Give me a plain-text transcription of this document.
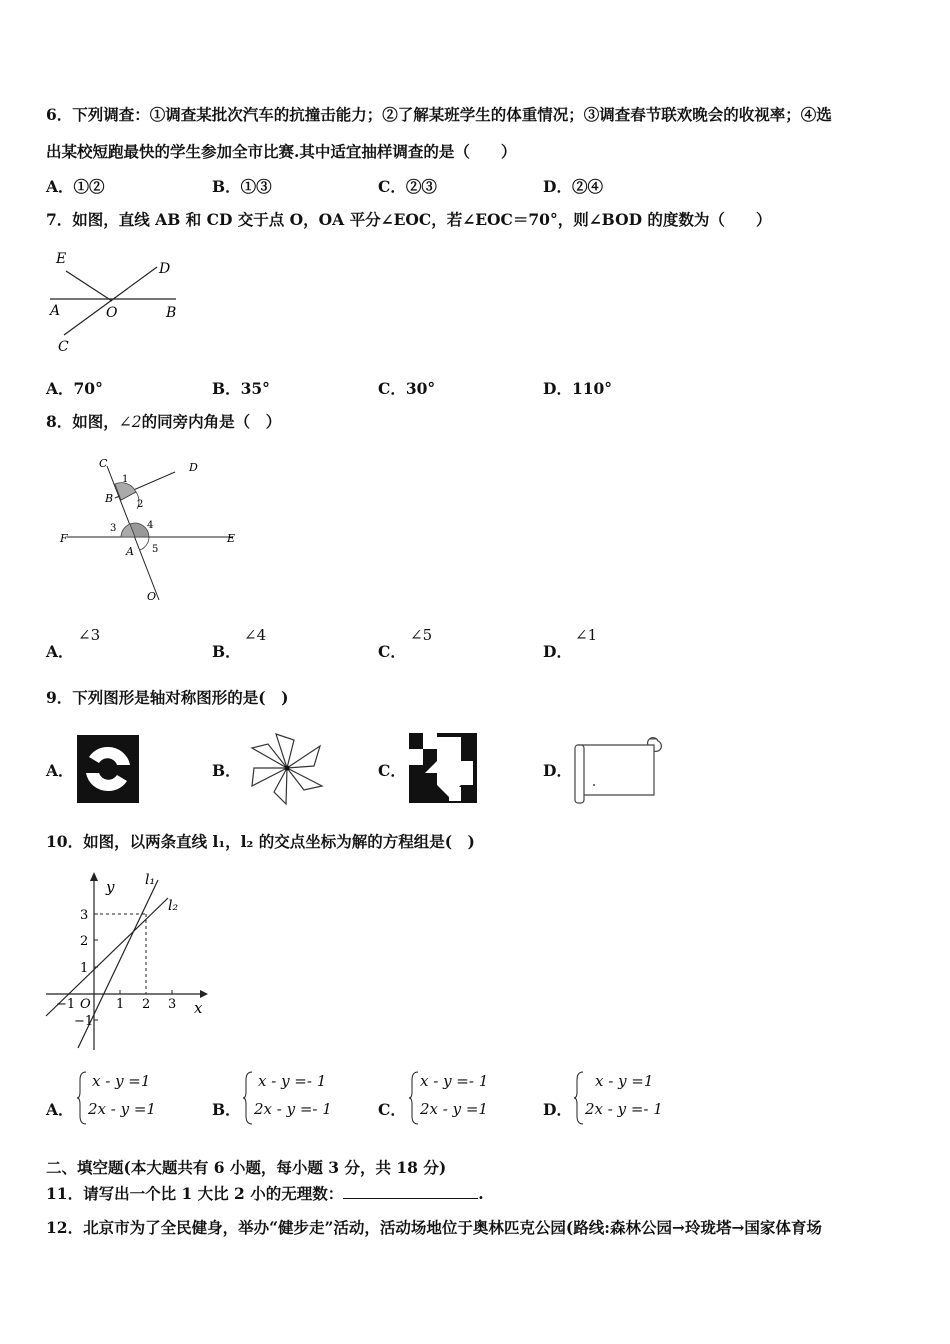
6．下列调查：①调查某批次汽车的抗撞击能力；②了解某班学生的体重情况；③调查春节联欢晚会的收视率；④选
出某校短跑最快的学生参加全市比赛.其中适宜抽样调查的是（　　）
A．①②	B．①③	C．②③	D．②④
7．如图，直线 AB 和 CD 交于点 O，OA 平分∠EOC，若∠EOC＝70°，则∠BOD 的度数为（　　）
E
D
A	O	B
C
A．70°	B．35°	C．30°	D．110°
8．如图，∠2的同旁内角是（　）
C	D
B
F
A
E
O
1
2
3	4
5
A．
∠3
B．
∠4
C．
∠5
D．
∠1
9．下列图形是轴对称图形的是(　)
A．	B．	C．	D．
10．如图，以两条直线 l₁，l₂ 的交点坐标为解的方程组是(　)
y
x
l₁
l₂
3
2
1
−1
−1 O 1 2 3
A．
x - y =1
2x - y =1	B．
x - y =- 1
2x - y =- 1	C．
x - y =- 1
2x - y =1	D．
x - y =1
2x - y =- 1
二、填空题(本大题共有 6 小题，每小题 3 分，共 18 分)
11．请写出一个比 1 大比 2 小的无理数：	.
12．北京市为了全民健身，举办“健步走”活动，活动场地位于奥林匹克公园(路线:森林公园→玲珑塔→国家体育场
